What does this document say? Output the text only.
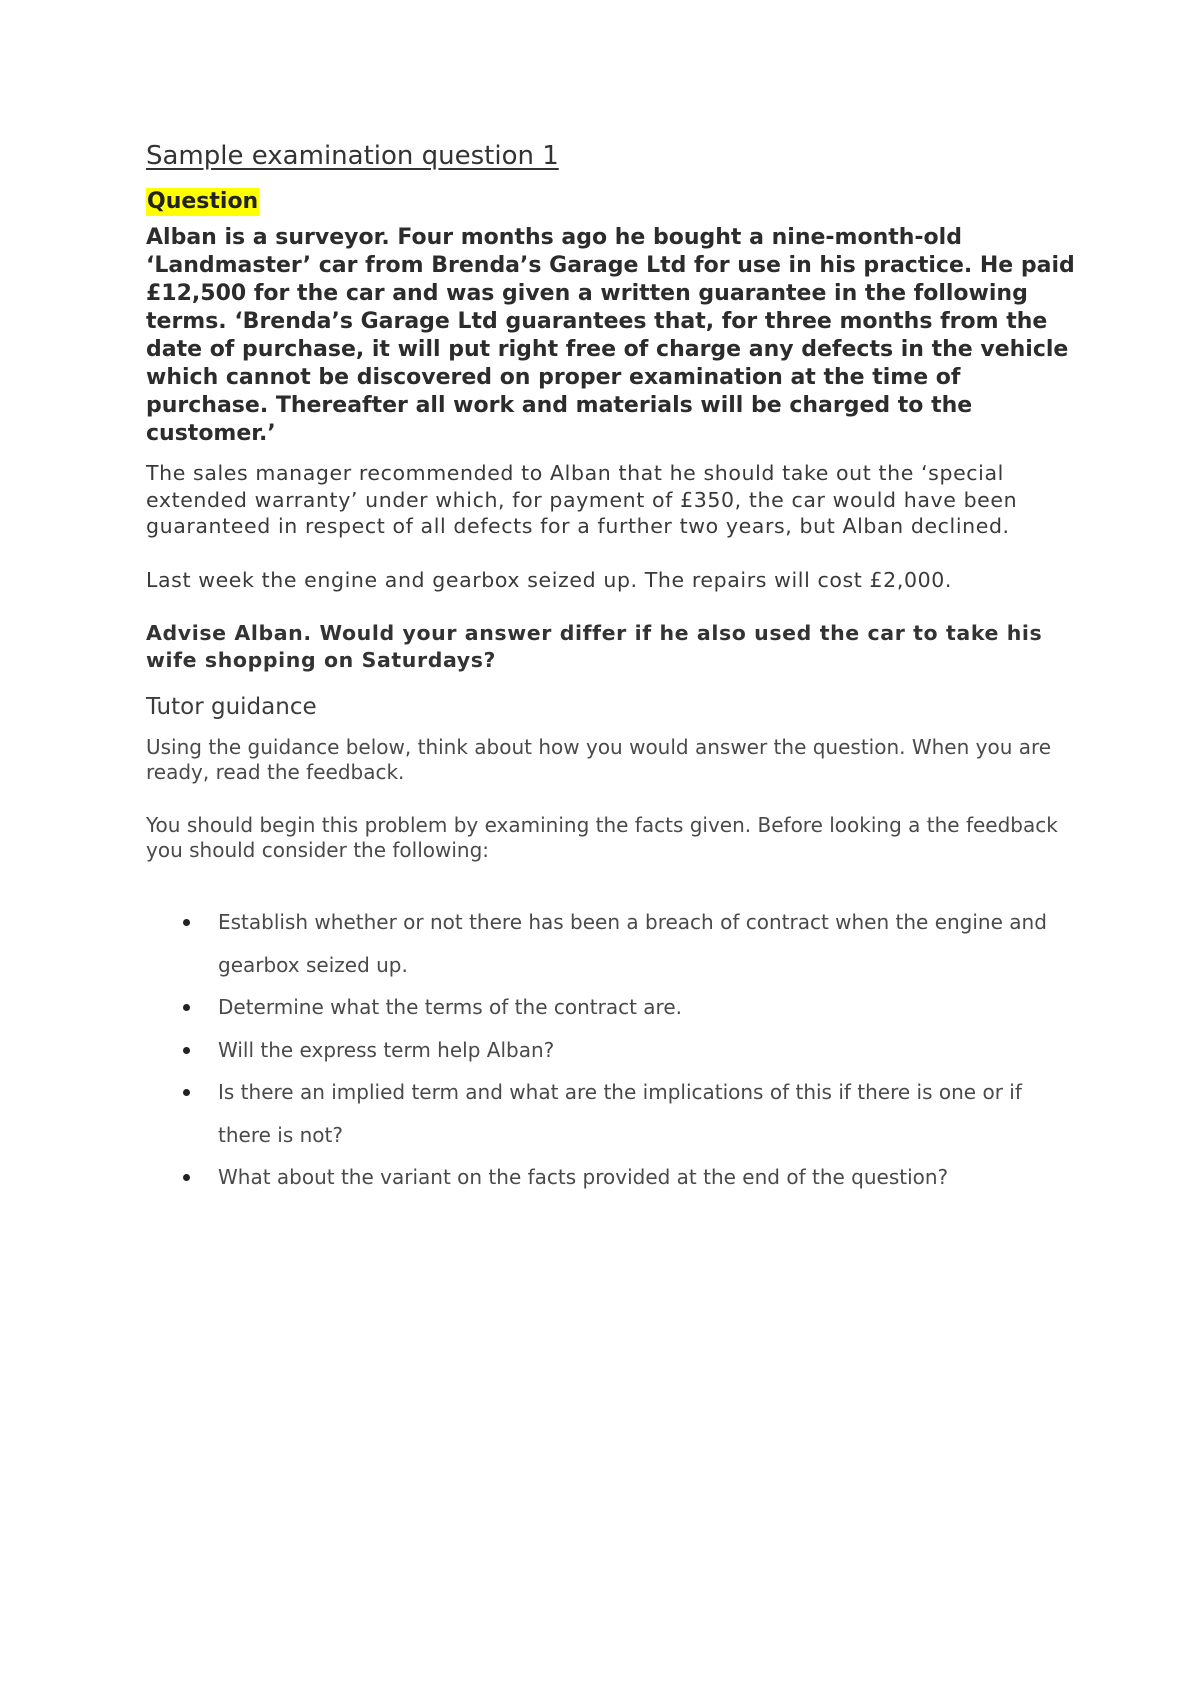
Sample examination question 1
Question

Alban is a surveyor. Four months ago he bought a nine-month-old ‘Landmaster’ car from Brenda’s Garage Ltd for use in his practice. He paid £12,500 for the car and was given a written guarantee in the following terms. ‘Brenda’s Garage Ltd guarantees that, for three months from the date of purchase, it will put right free of charge any defects in the vehicle which cannot be discovered on proper examination at the time of purchase. Thereafter all work and materials will be charged to the customer.’

The sales manager recommended to Alban that he should take out the ‘special extended warranty’ under which, for payment of £350, the car would have been guaranteed in respect of all defects for a further two years, but Alban declined.

Last week the engine and gearbox seized up. The repairs will cost £2,000.

Advise Alban. Would your answer differ if he also used the car to take his wife shopping on Saturdays?

Tutor guidance

Using the guidance below, think about how you would answer the question. When you are ready, read the feedback.

You should begin this problem by examining the facts given. Before looking a the feedback you should consider the following:

Establish whether or not there has been a breach of contract when the engine and gearbox seized up.
Determine what the terms of the contract are.
Will the express term help Alban?
Is there an implied term and what are the implications of this if there is one or if there is not?
What about the variant on the facts provided at the end of the question?
